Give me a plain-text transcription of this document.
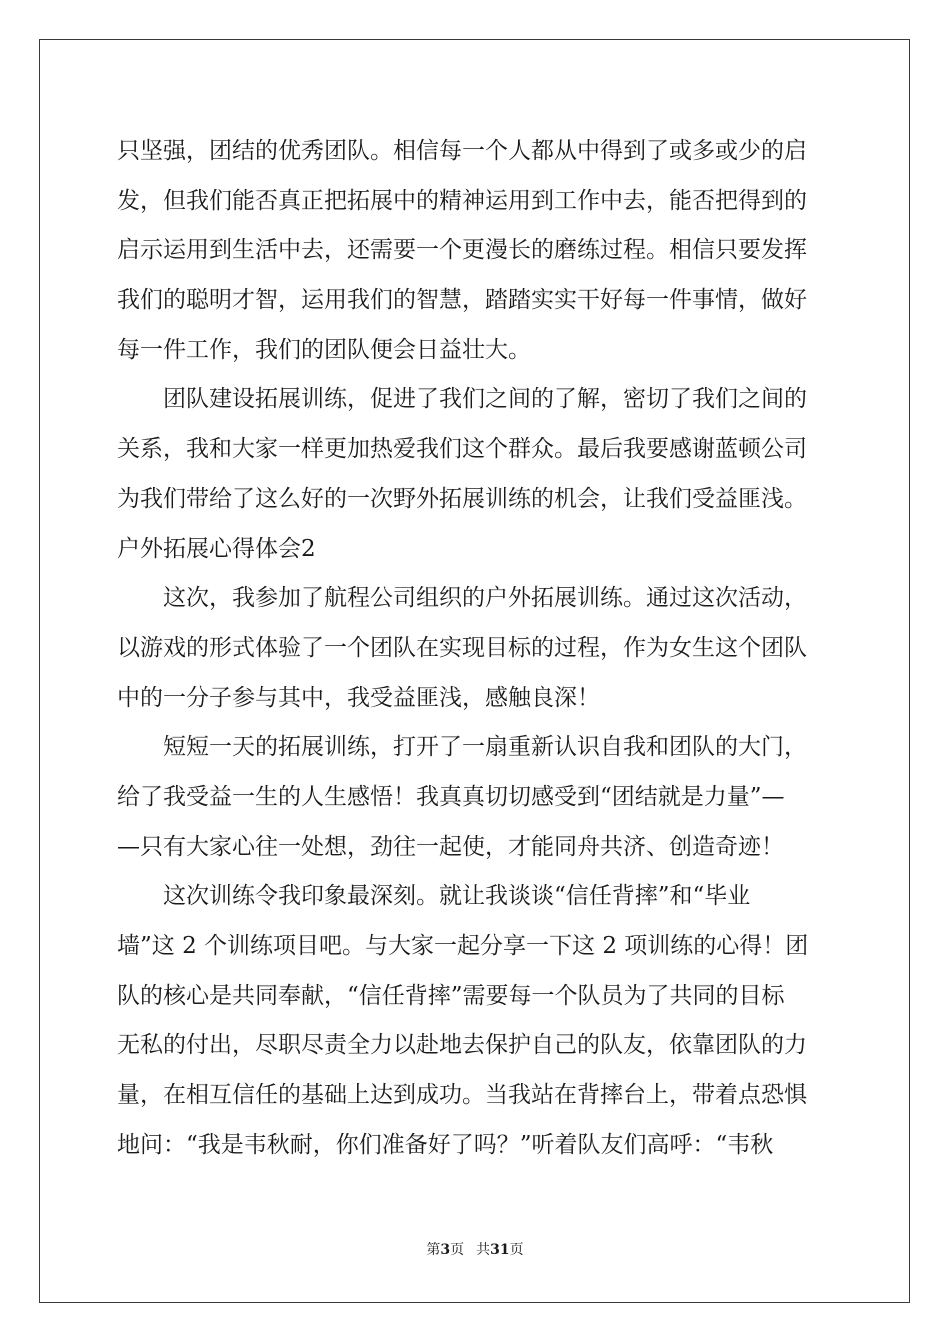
只坚强，团结的优秀团队。相信每一个人都从中得到了或多或少的启
发，但我们能否真正把拓展中的精神运用到工作中去，能否把得到的
启示运用到生活中去，还需要一个更漫长的磨练过程。相信只要发挥
我们的聪明才智，运用我们的智慧，踏踏实实干好每一件事情，做好
每一件工作，我们的团队便会日益壮大。
团队建设拓展训练，促进了我们之间的了解，密切了我们之间的
关系，我和大家一样更加热爱我们这个群众。最后我要感谢蓝顿公司
为我们带给了这么好的一次野外拓展训练的机会，让我们受益匪浅。
户外拓展心得体会2
这次，我参加了航程公司组织的户外拓展训练。通过这次活动，
以游戏的形式体验了一个团队在实现目标的过程，作为女生这个团队
中的一分子参与其中，我受益匪浅，感触良深！
短短一天的拓展训练，打开了一扇重新认识自我和团队的大门，
给了我受益一生的人生感悟！我真真切切感受到“团结就是力量”—
—只有大家心往一处想，劲往一起使，才能同舟共济、创造奇迹！
这次训练令我印象最深刻。就让我谈谈“信任背摔”和“毕业
墙”这 2 个训练项目吧。与大家一起分享一下这 2 项训练的心得！团
队的核心是共同奉献，“信任背摔”需要每一个队员为了共同的目标
无私的付出，尽职尽责全力以赴地去保护自己的队友，依靠团队的力
量，在相互信任的基础上达到成功。当我站在背摔台上，带着点恐惧
地问：“我是韦秋耐，你们准备好了吗？”听着队友们高呼：“韦秋
第3页 共31页
